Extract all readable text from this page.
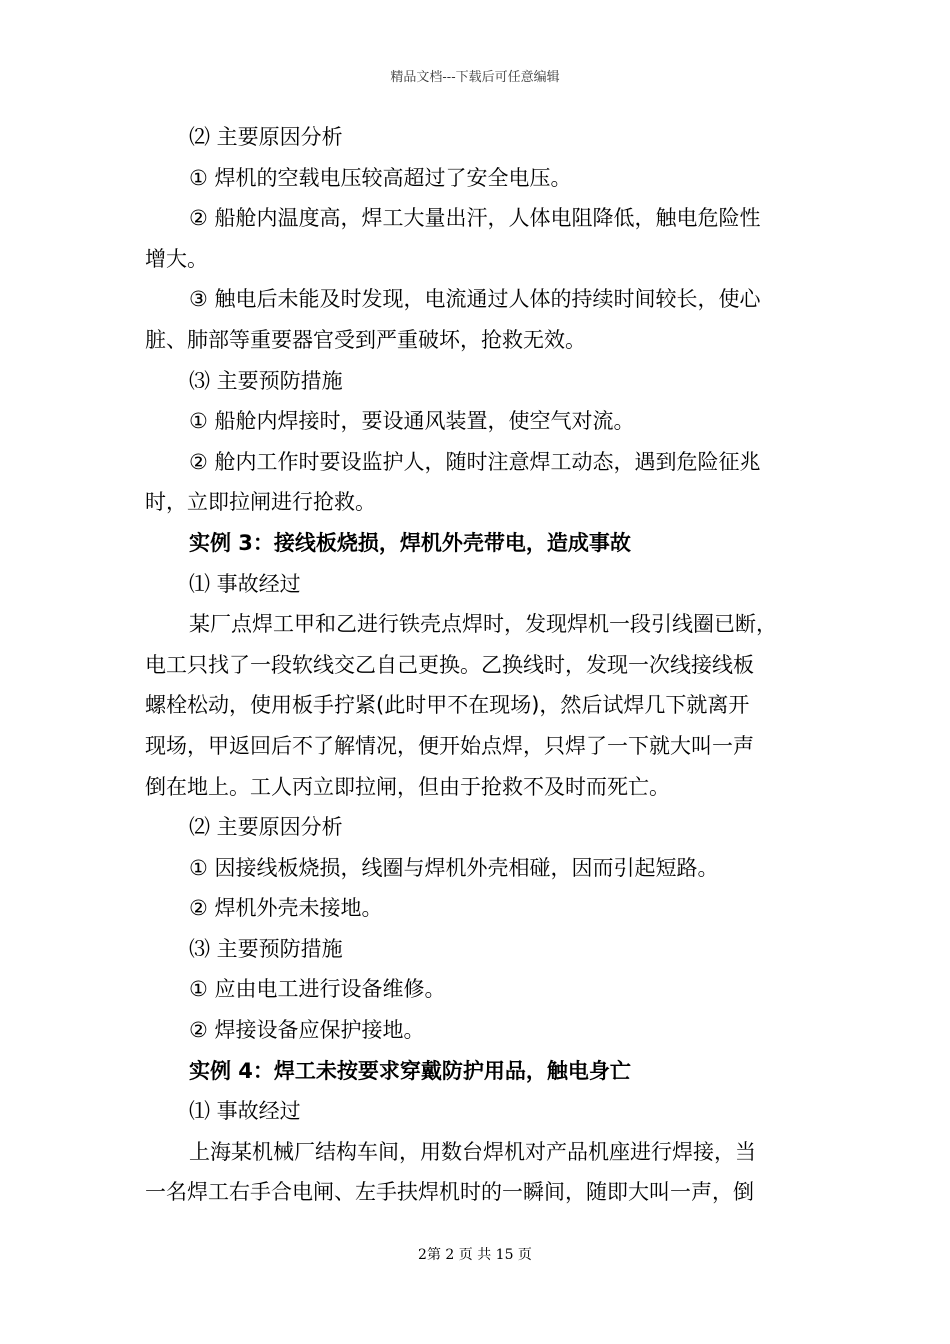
精品文档---下载后可任意编辑
⑵ 主要原因分析
① 焊机的空载电压较高超过了安全电压。
② 船舱内温度高，焊工大量出汗，人体电阻降低，触电危险性
增大。
③ 触电后未能及时发现，电流通过人体的持续时间较长，使心
脏、肺部等重要器官受到严重破坏，抢救无效。
⑶ 主要预防措施
① 船舱内焊接时，要设通风装置，使空气对流。
② 舱内工作时要设监护人，随时注意焊工动态，遇到危险征兆
时，立即拉闸进行抢救。
实例 3：接线板烧损，焊机外壳带电，造成事故
⑴ 事故经过
某厂点焊工甲和乙进行铁壳点焊时，发现焊机一段引线圈已断，
电工只找了一段软线交乙自己更换。乙换线时，发现一次线接线板
螺栓松动，使用板手拧紧(此时甲不在现场)，然后试焊几下就离开
现场，甲返回后不了解情况，便开始点焊，只焊了一下就大叫一声
倒在地上。工人丙立即拉闸，但由于抢救不及时而死亡。
⑵ 主要原因分析
① 因接线板烧损，线圈与焊机外壳相碰，因而引起短路。
② 焊机外壳未接地。
⑶ 主要预防措施
① 应由电工进行设备维修。
② 焊接设备应保护接地。
实例 4：焊工未按要求穿戴防护用品，触电身亡
⑴ 事故经过
上海某机械厂结构车间，用数台焊机对产品机座进行焊接，当
一名焊工右手合电闸、左手扶焊机时的一瞬间，随即大叫一声，倒
2第 2 页 共 15 页
